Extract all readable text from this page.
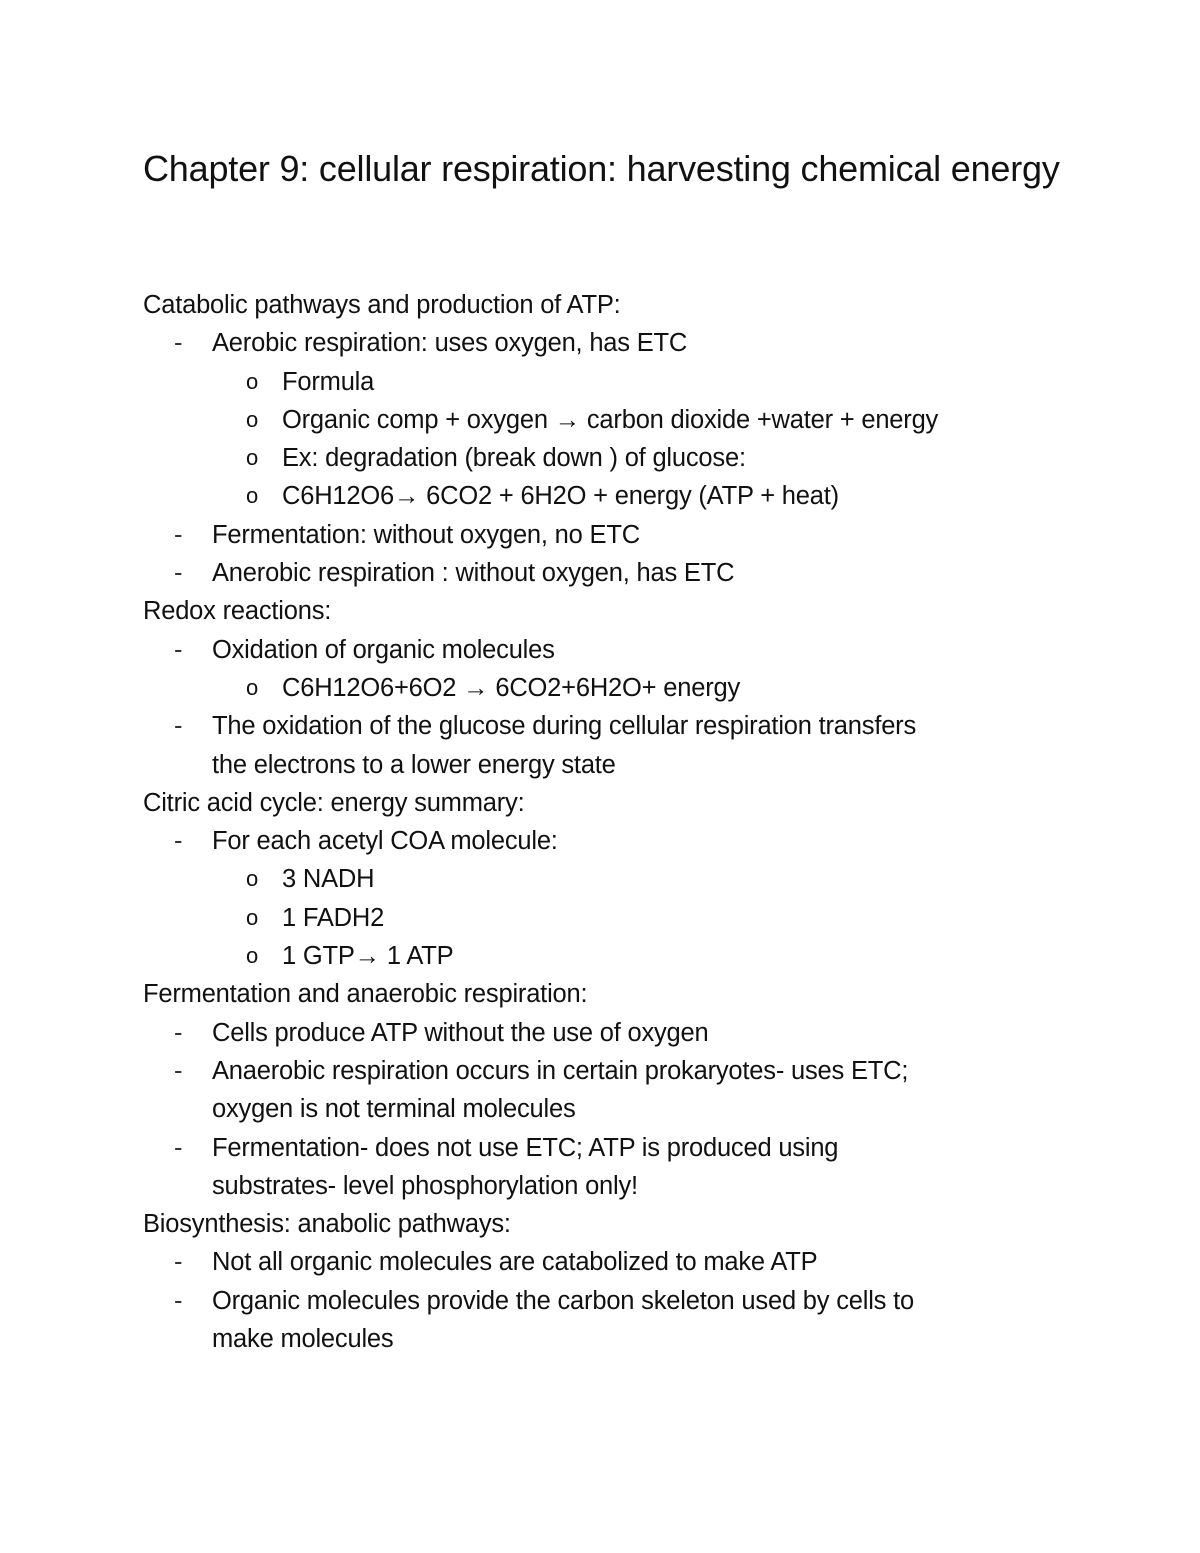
Chapter 9: cellular respiration: harvesting chemical energy
Catabolic pathways and production of ATP:
- Aerobic respiration: uses oxygen, has ETC
o Formula
o Organic comp + oxygen → carbon dioxide +water + energy
o Ex: degradation (break down ) of glucose:
o C6H12O6→ 6CO2 + 6H2O + energy (ATP + heat)
- Fermentation: without oxygen, no ETC
- Anerobic respiration : without oxygen, has ETC
Redox reactions:
- Oxidation of organic molecules
o C6H12O6+6O2 → 6CO2+6H2O+ energy
- The oxidation of the glucose during cellular respiration transfers
the electrons to a lower energy state
Citric acid cycle: energy summary:
- For each acetyl COA molecule:
o 3 NADH
o 1 FADH2
o 1 GTP→ 1 ATP
Fermentation and anaerobic respiration:
- Cells produce ATP without the use of oxygen
- Anaerobic respiration occurs in certain prokaryotes- uses ETC;
oxygen is not terminal molecules
- Fermentation- does not use ETC; ATP is produced using
substrates- level phosphorylation only!
Biosynthesis: anabolic pathways:
- Not all organic molecules are catabolized to make ATP
- Organic molecules provide the carbon skeleton used by cells to
make molecules
